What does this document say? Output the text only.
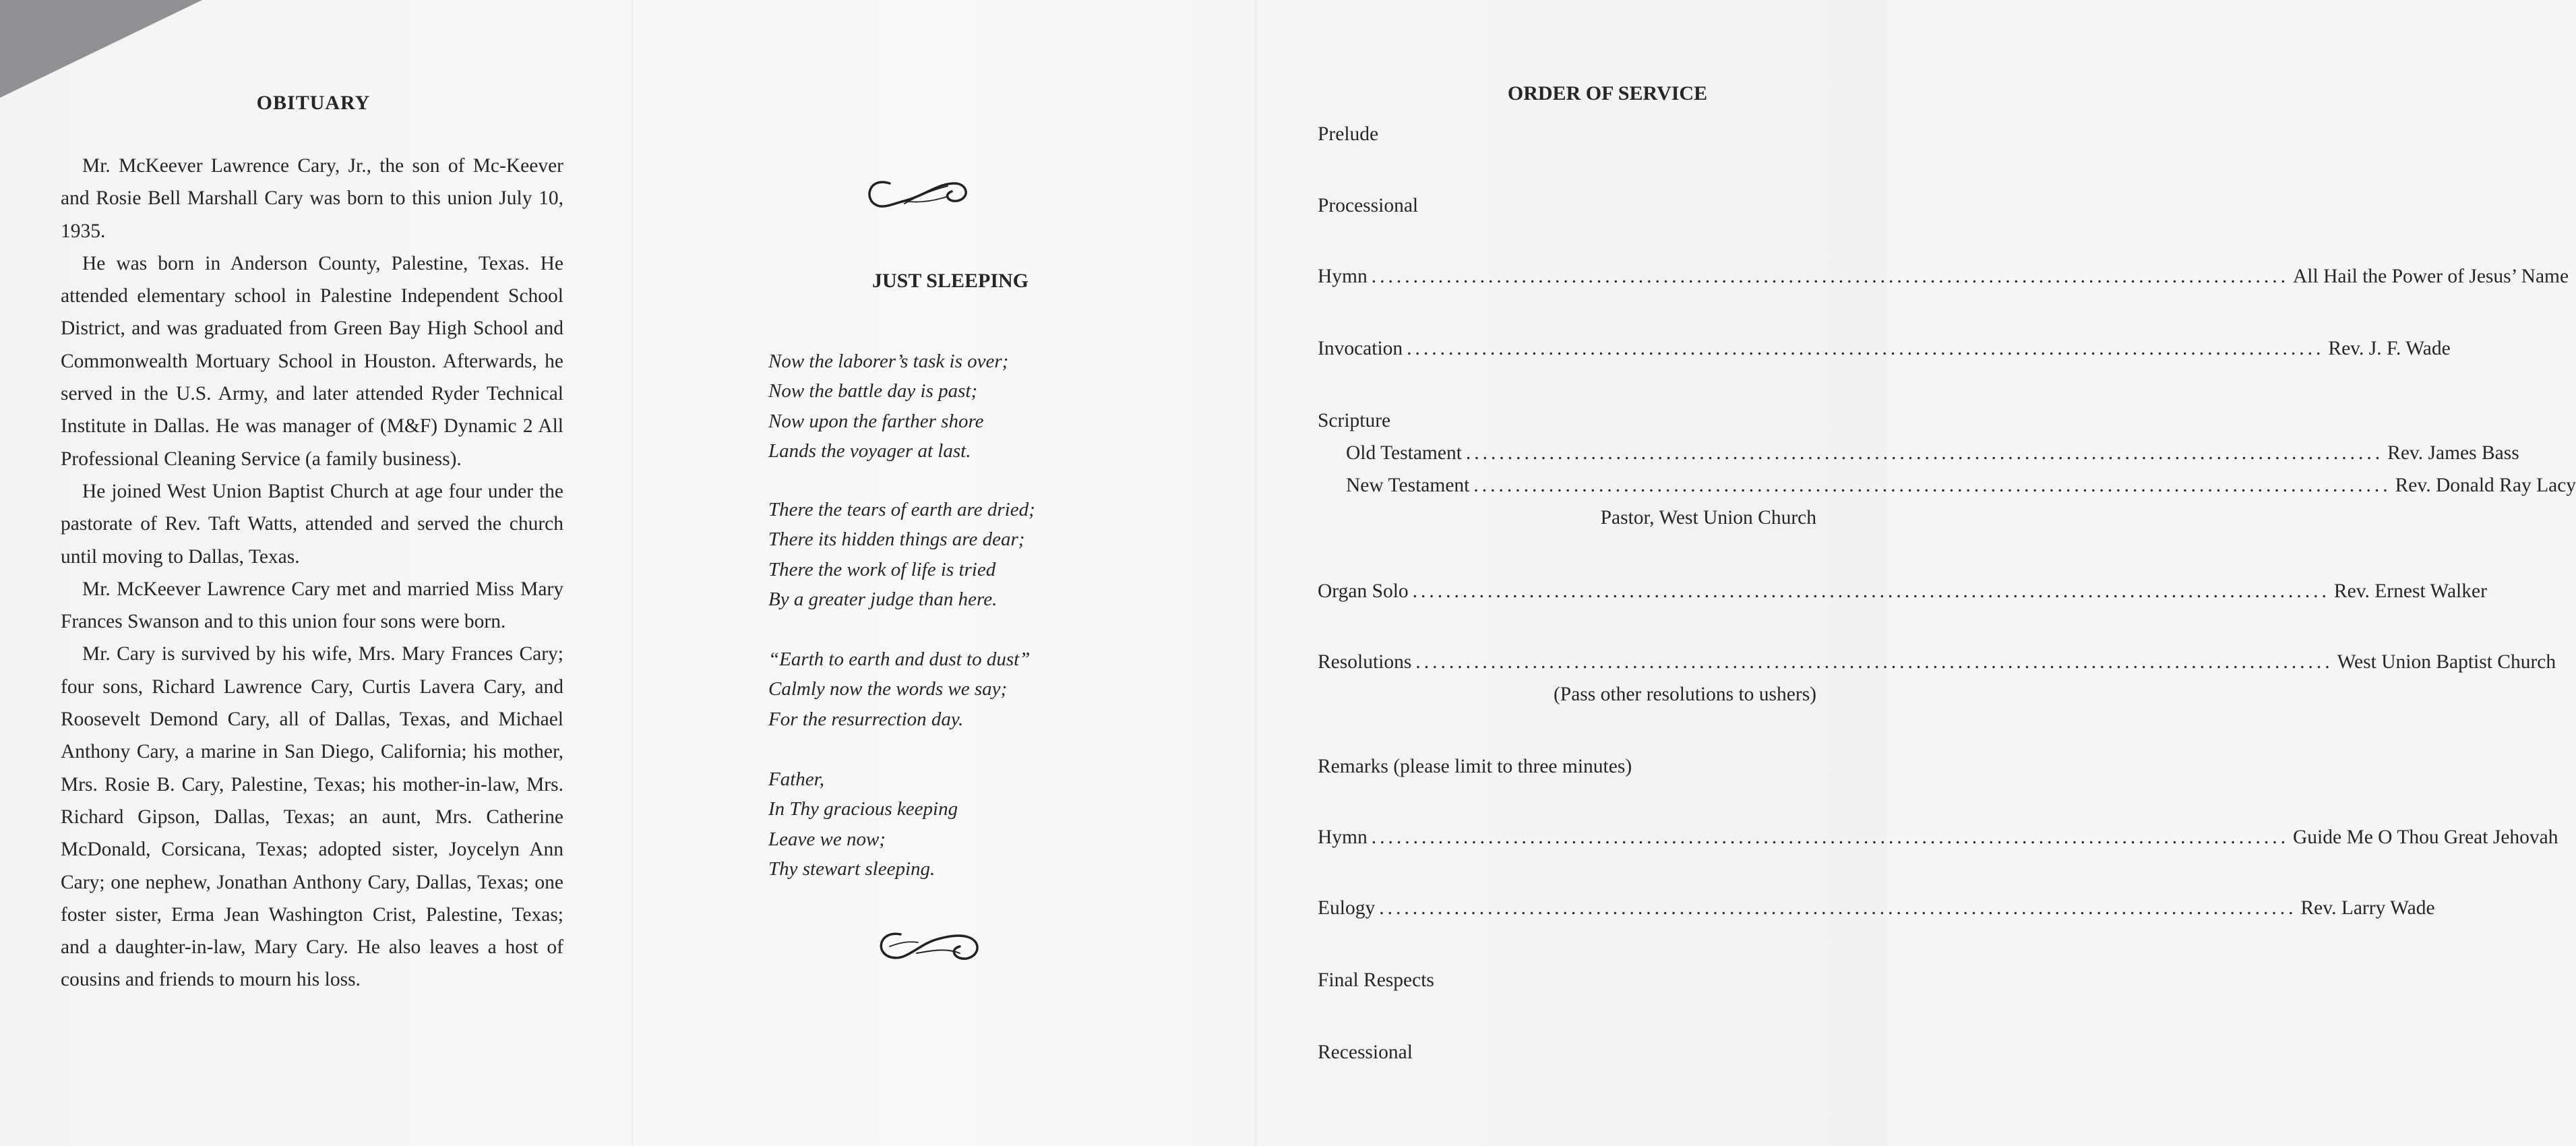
OBITUARY

Mr. McKeever Lawrence Cary, Jr., the son of Mc-Keever and Rosie Bell Marshall Cary was born to this union July 10, 1935.

He was born in Anderson County, Palestine, Texas. He attended elementary school in Palestine Independent School District, and was graduated from Green Bay High School and Commonwealth Mortuary School in Houston. Afterwards, he served in the U.S. Army, and later attended Ryder Technical Institute in Dallas. He was manager of (M&F) Dynamic 2 All Professional Cleaning Service (a family business).

He joined West Union Baptist Church at age four under the pastorate of Rev. Taft Watts, attended and served the church until moving to Dallas, Texas.

Mr. McKeever Lawrence Cary met and married Miss Mary Frances Swanson and to this union four sons were born.

Mr. Cary is survived by his wife, Mrs. Mary Frances Cary; four sons, Richard Lawrence Cary, Curtis Lavera Cary, and Roosevelt Demond Cary, all of Dallas, Texas, and Michael Anthony Cary, a marine in San Diego, California; his mother, Mrs. Rosie B. Cary, Palestine, Texas; his mother-in-law, Mrs. Richard Gipson, Dallas, Texas; an aunt, Mrs. Catherine McDonald, Corsicana, Texas; adopted sister, Joycelyn Ann Cary; one nephew, Jonathan Anthony Cary, Dallas, Texas; one foster sister, Erma Jean Washington Crist, Palestine, Texas; and a daughter-in-law, Mary Cary. He also leaves a host of cousins and friends to mourn his loss.

JUST SLEEPING
Now the laborer’s task is over;
Now the battle day is past;
Now upon the farther shore
Lands the voyager at last.
There the tears of earth are dried;
There its hidden things are dear;
There the work of life is tried
By a greater judge than here.
“Earth to earth and dust to dust”
Calmly now the words we say;
For the resurrection day.
Father,
In Thy gracious keeping
Leave we now;
Thy stewart sleeping.
ORDER OF SERVICE
Prelude
Processional
Hymn .............................................................................................................. All Hail the Power of Jesus’ Name
Invocation .............................................................................................................. Rev. J. F. Wade
Scripture
Old Testament .............................................................................................................. Rev. James Bass
New Testament .............................................................................................................. Rev. Donald Ray Lacy
Pastor, West Union Church
Organ Solo .............................................................................................................. Rev. Ernest Walker
Resolutions .............................................................................................................. West Union Baptist Church
(Pass other resolutions to ushers)
Remarks (please limit to three minutes)
Hymn .............................................................................................................. Guide Me O Thou Great Jehovah
Eulogy .............................................................................................................. Rev. Larry Wade
Final Respects
Recessional
